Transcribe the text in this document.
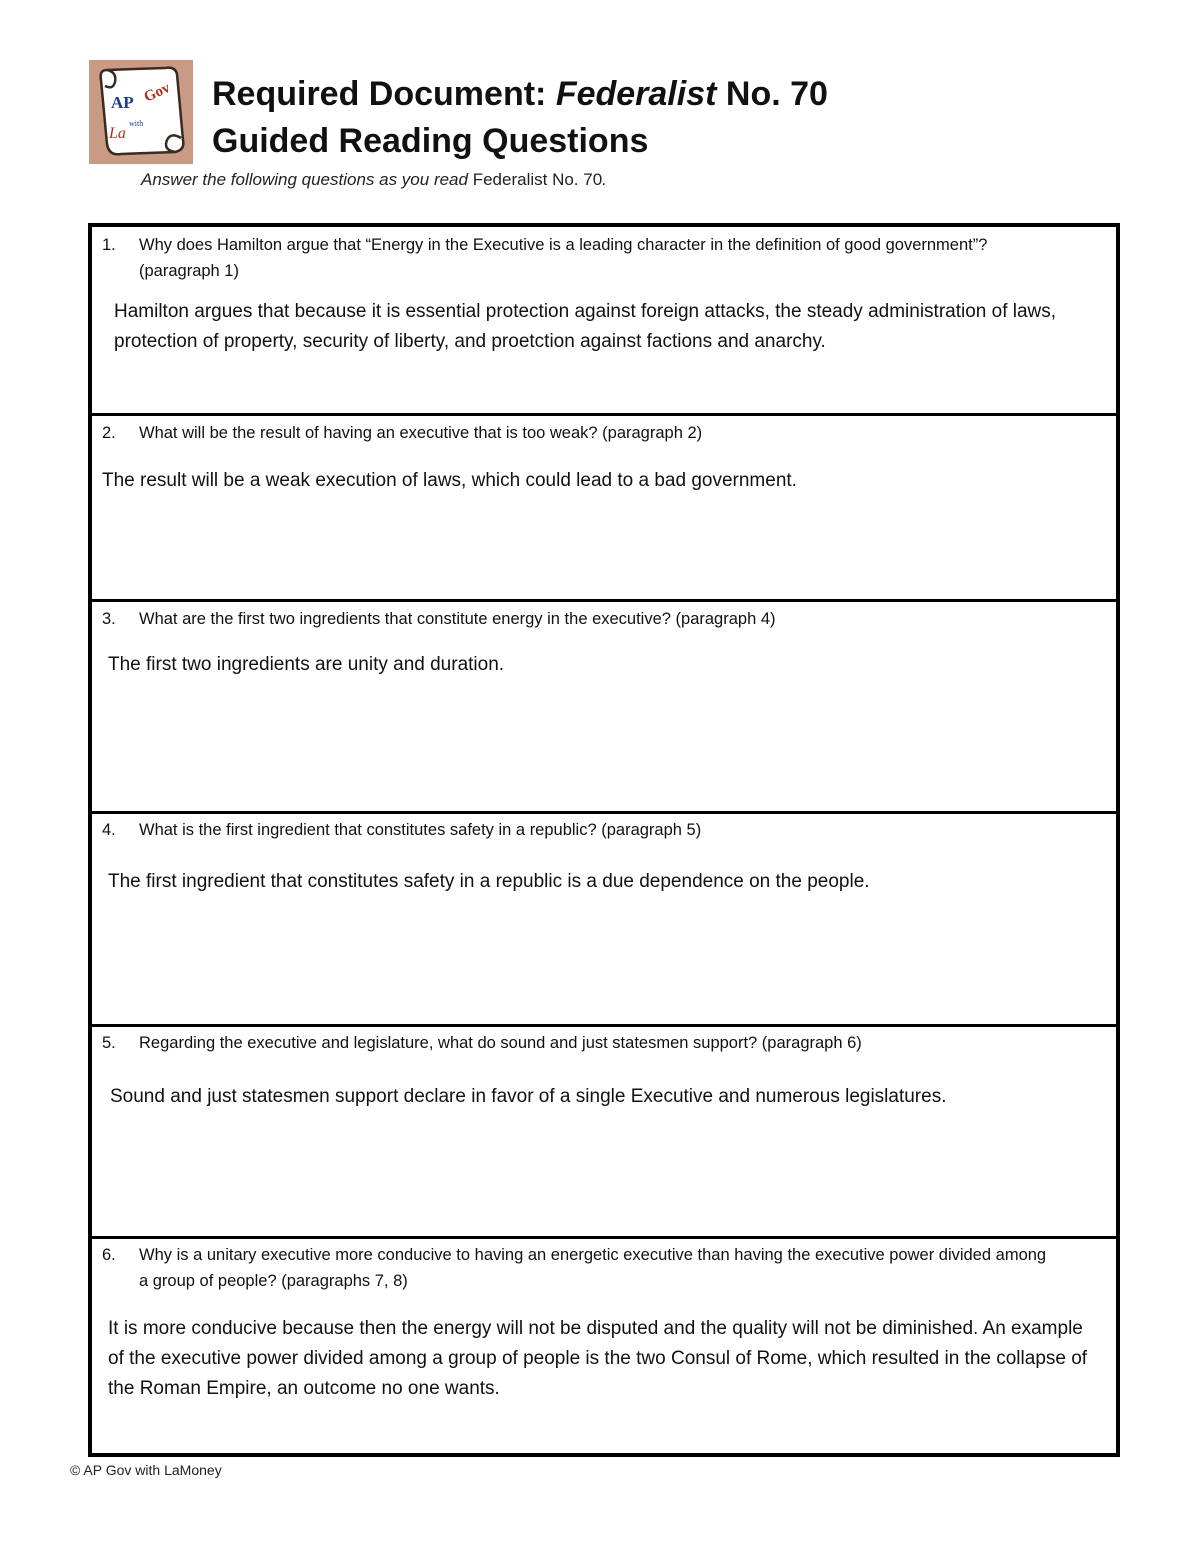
AP Gov
La
with
Required Document: Federalist No. 70
Guided Reading Questions
Answer the following questions as you read Federalist No. 70.
1.	Why does Hamilton argue that “Energy in the Executive is a leading character in the definition of good government”? (paragraph 1)
Hamilton argues that because it is essential protection against foreign attacks, the steady administration of laws, protection of property, security of liberty, and proetction against factions and anarchy.
2.	What will be the result of having an executive that is too weak? (paragraph 2)
The result will be a weak execution of laws, which could lead to a bad government.
3.	What are the first two ingredients that constitute energy in the executive? (paragraph 4)
The first two ingredients are unity and duration.
4.	What is the first ingredient that constitutes safety in a republic? (paragraph 5)
The first ingredient that constitutes safety in a republic is a due dependence on the people.
5.	Regarding the executive and legislature, what do sound and just statesmen support? (paragraph 6)
Sound and just statesmen support declare in favor of a single Executive and numerous legislatures.
6.	Why is a unitary executive more conducive to having an energetic executive than having the executive power divided among a group of people? (paragraphs 7, 8)
It is more conducive because then the energy will not be disputed and the quality will not be diminished. An example of the executive power divided among a group of people is the two Consul of Rome, which resulted in the collapse of the Roman Empire, an outcome no one wants.
© AP Gov with LaMoney
